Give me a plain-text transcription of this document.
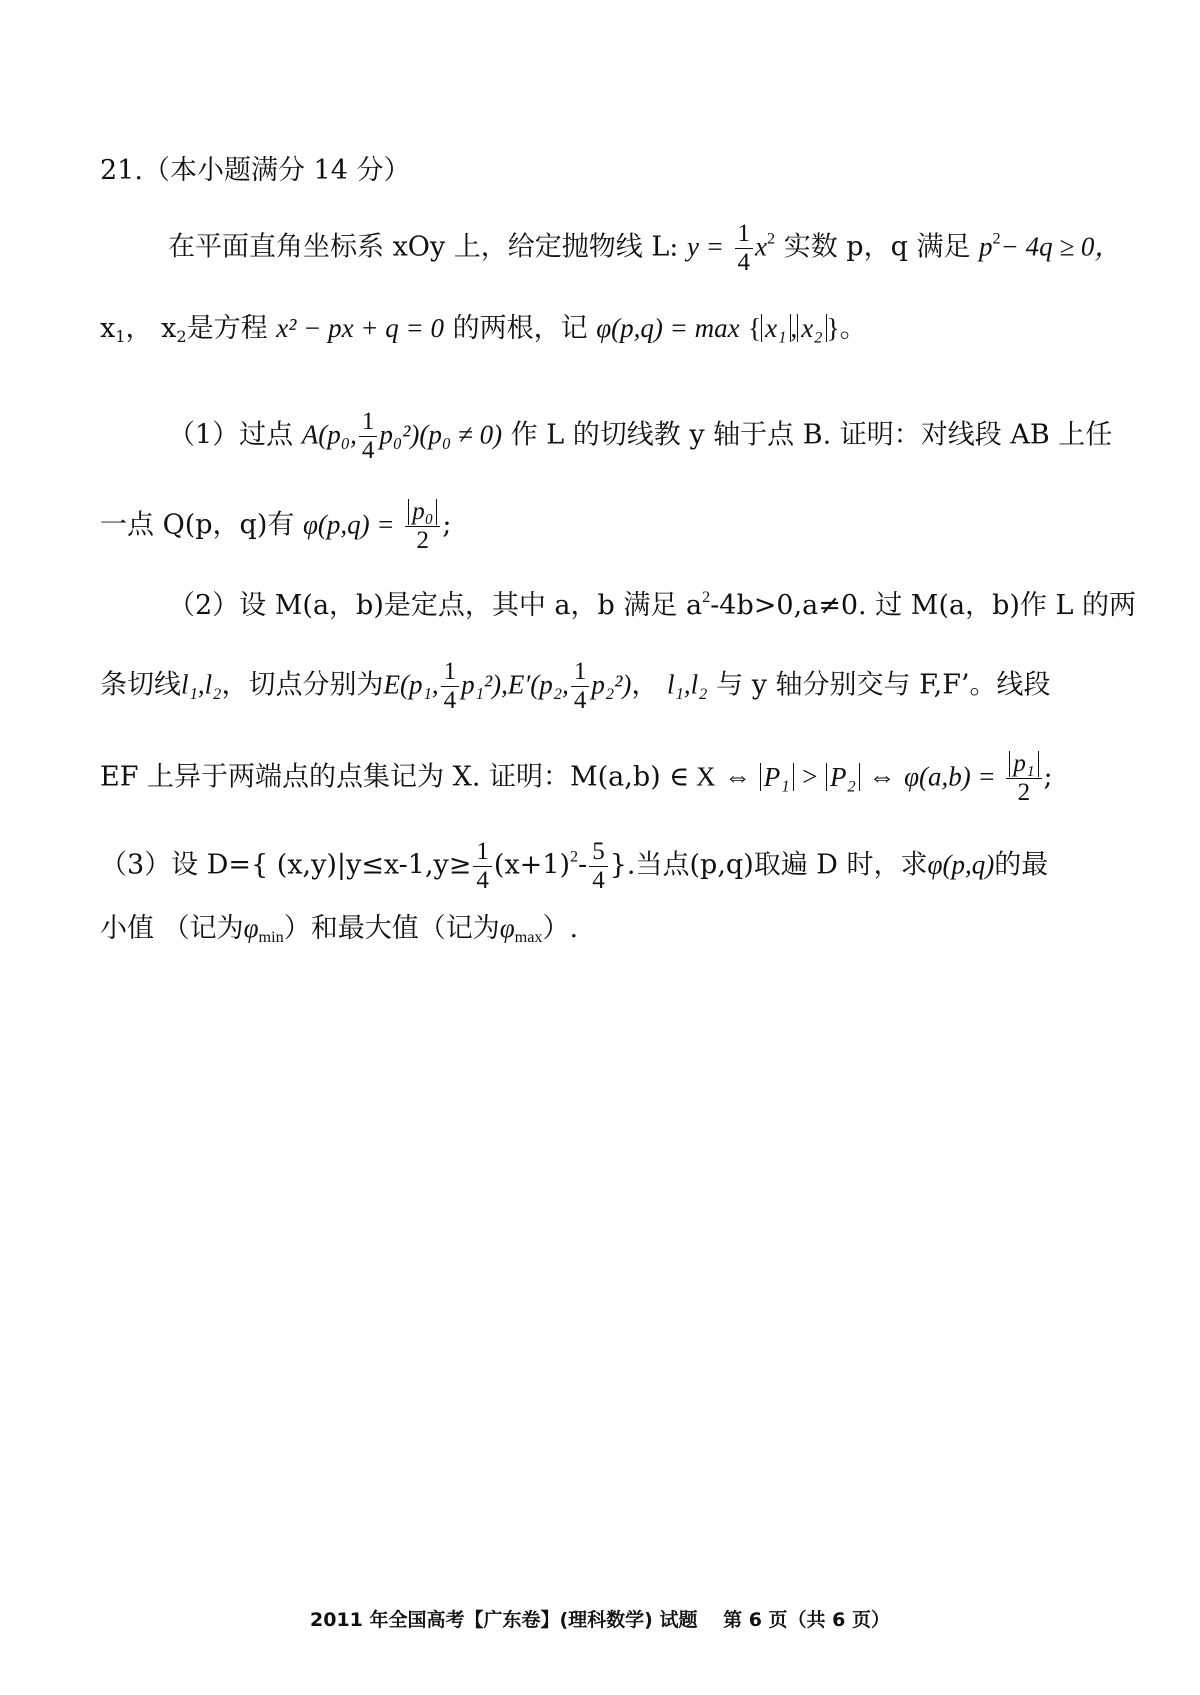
21.（本小题满分 14 分）
在平面直角坐标系 xOy 上，给定抛物线 L: $y = \frac{1}{4} x^2$ 实数 p，q 满足 $p^2- 4q \ge 0$，
$x_1$， $x_2$是方程 x² − px + q = 0 的两根，记 φ(p,q) = max { x₁ , x₂ }。
（1）过点 A(p₀, $\frac{1}{4} p_0^2)(p_0 \ne 0)$ 作 L 的切线教 y 轴于点 B. 证明：对线段 AB 上任
一点 Q(p，q)有 $\varphi(p,q) = \frac{\text{p₀}}{2}$ ;
（2）设 M(a，b)是定点，其中 a，b 满足 $a^2-4b>0,a\ne 0$. 过 M(a，b)作 L 的两
条切线l₁,l₂，切点分别为E(p₁, $\frac{1}{4} p_1^2),E'(p_2$, $\frac{1}{4} p_2^2$)， l₁,l₂ 与 y 轴分别交与 F,F’。线段
EF 上异于两端点的点集记为 X. 证明：M(a,b) ∈ X ⇔ P₁ > P₂ ⇔ $\varphi(a,b) = \frac{\text{p₁}}{2}$ ;
（3）设 D={ $(x,y)|y\le x-1,y\ge \frac{1}{4} (x+1)^2- \frac{5}{4}$ }.当点(p,q)取遍 D 时，求φ(p,q)的最
小值 （记为$\varphi_{min}$）和最大值（记为$\varphi_{max}$）.
2011 年全国高考【广东卷】(理科数学) 试题　 第 6 页（共 6 页）
